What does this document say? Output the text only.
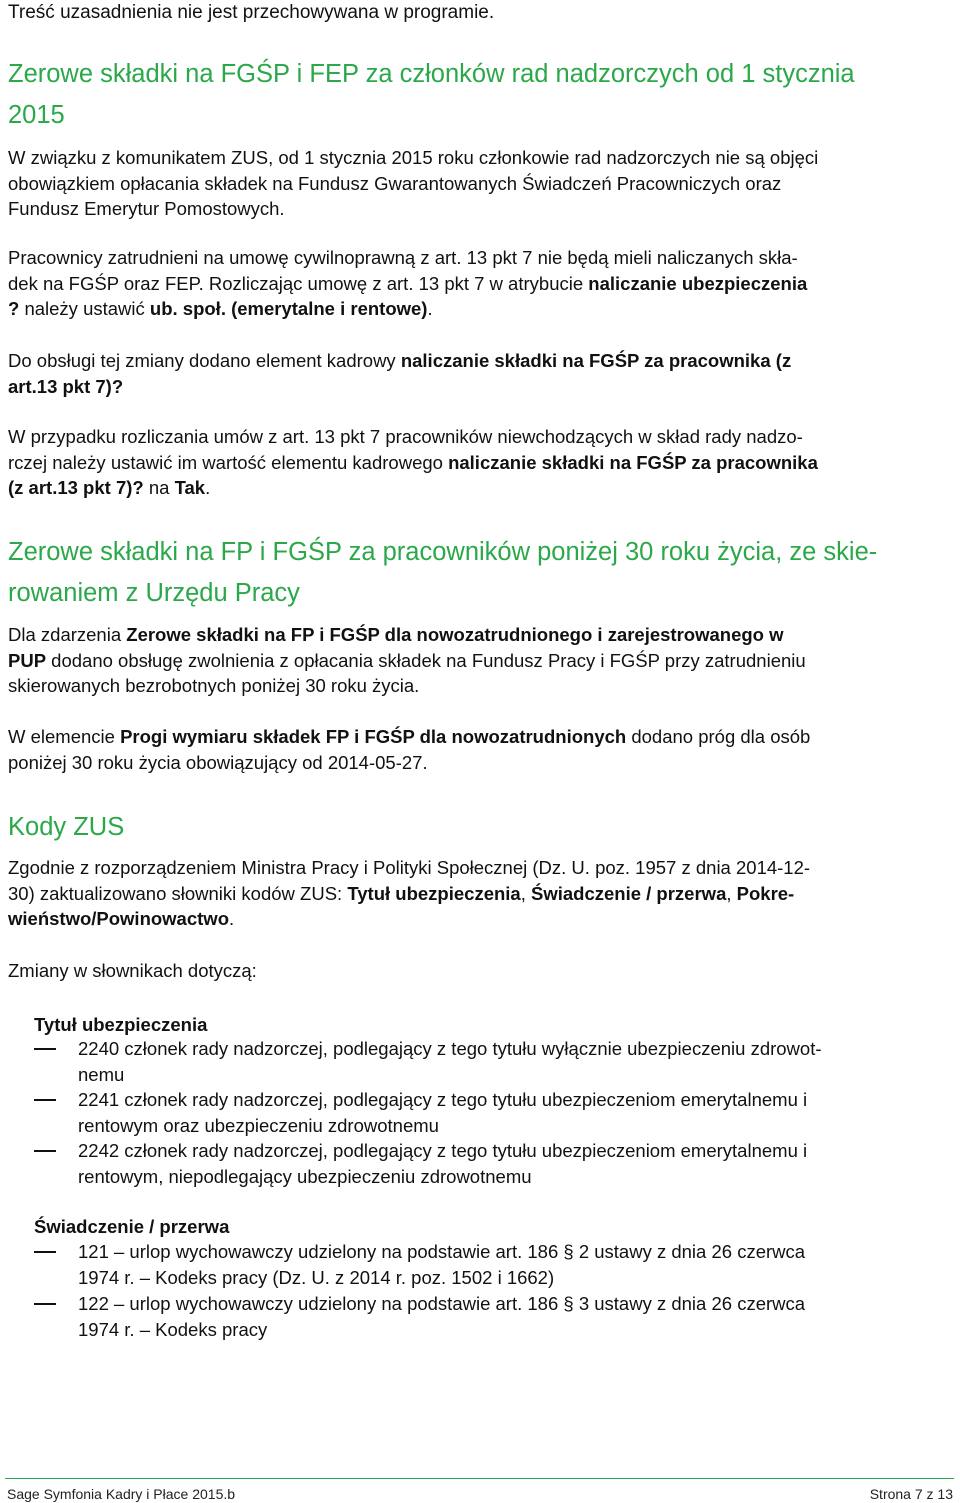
Treść uzasadnienia nie jest przechowywana w programie.
Zerowe składki na FGŚP i FEP za członków rad nadzorczych od 1 stycznia
2015
W związku z komunikatem ZUS, od 1 stycznia 2015 roku członkowie rad nadzorczych nie są objęci
obowiązkiem opłacania składek na Fundusz Gwarantowanych Świadczeń Pracowniczych oraz
Fundusz Emerytur Pomostowych.
Pracownicy zatrudnieni na umowę cywilnoprawną z art. 13 pkt 7 nie będą mieli naliczanych skła-
dek na FGŚP oraz FEP. Rozliczając umowę z art. 13 pkt 7 w atrybucie naliczanie ubezpieczenia
? należy ustawić ub. społ. (emerytalne i rentowe).
Do obsługi tej zmiany dodano element kadrowy naliczanie składki na FGŚP za pracownika (z
art.13 pkt 7)?
W przypadku rozliczania umów z art. 13 pkt 7 pracowników niewchodzących w skład rady nadzo-
rczej należy ustawić im wartość elementu kadrowego naliczanie składki na FGŚP za pracownika
(z art.13 pkt 7)? na Tak.
Zerowe składki na FP i FGŚP za pracowników poniżej 30 roku życia, ze skie-
rowaniem z Urzędu Pracy
Dla zdarzenia Zerowe składki na FP i FGŚP dla nowozatrudnionego i zarejestrowanego w
PUP dodano obsługę zwolnienia z opłacania składek na Fundusz Pracy i FGŚP przy zatrudnieniu
skierowanych bezrobotnych poniżej 30 roku życia.
W elemencie Progi wymiaru składek FP i FGŚP dla nowozatrudnionych dodano próg dla osób
poniżej 30 roku życia obowiązujący od 2014-05-27.
Kody ZUS
Zgodnie z rozporządzeniem Ministra Pracy i Polityki Społecznej (Dz. U. poz. 1957 z dnia 2014-12-
30) zaktualizowano słowniki kodów ZUS: Tytuł ubezpieczenia, Świadczenie / przerwa, Pokre-
wieństwo/Powinowactwo.
Zmiany w słownikach dotyczą:
Tytuł ubezpieczenia
2240 członek rady nadzorczej, podlegający z tego tytułu wyłącznie ubezpieczeniu zdrowot-
nemu
2241 członek rady nadzorczej, podlegający z tego tytułu ubezpieczeniom emerytalnemu i
rentowym oraz ubezpieczeniu zdrowotnemu
2242 członek rady nadzorczej, podlegający z tego tytułu ubezpieczeniom emerytalnemu i
rentowym, niepodlegający ubezpieczeniu zdrowotnemu
Świadczenie / przerwa
121 – urlop wychowawczy udzielony na podstawie art. 186 § 2 ustawy z dnia 26 czerwca
1974 r. – Kodeks pracy (Dz. U. z 2014 r. poz. 1502 i 1662)
122 – urlop wychowawczy udzielony na podstawie art. 186 § 3 ustawy z dnia 26 czerwca
1974 r. – Kodeks pracy
Sage Symfonia Kadry i Płace 2015.b	Strona 7 z 13
